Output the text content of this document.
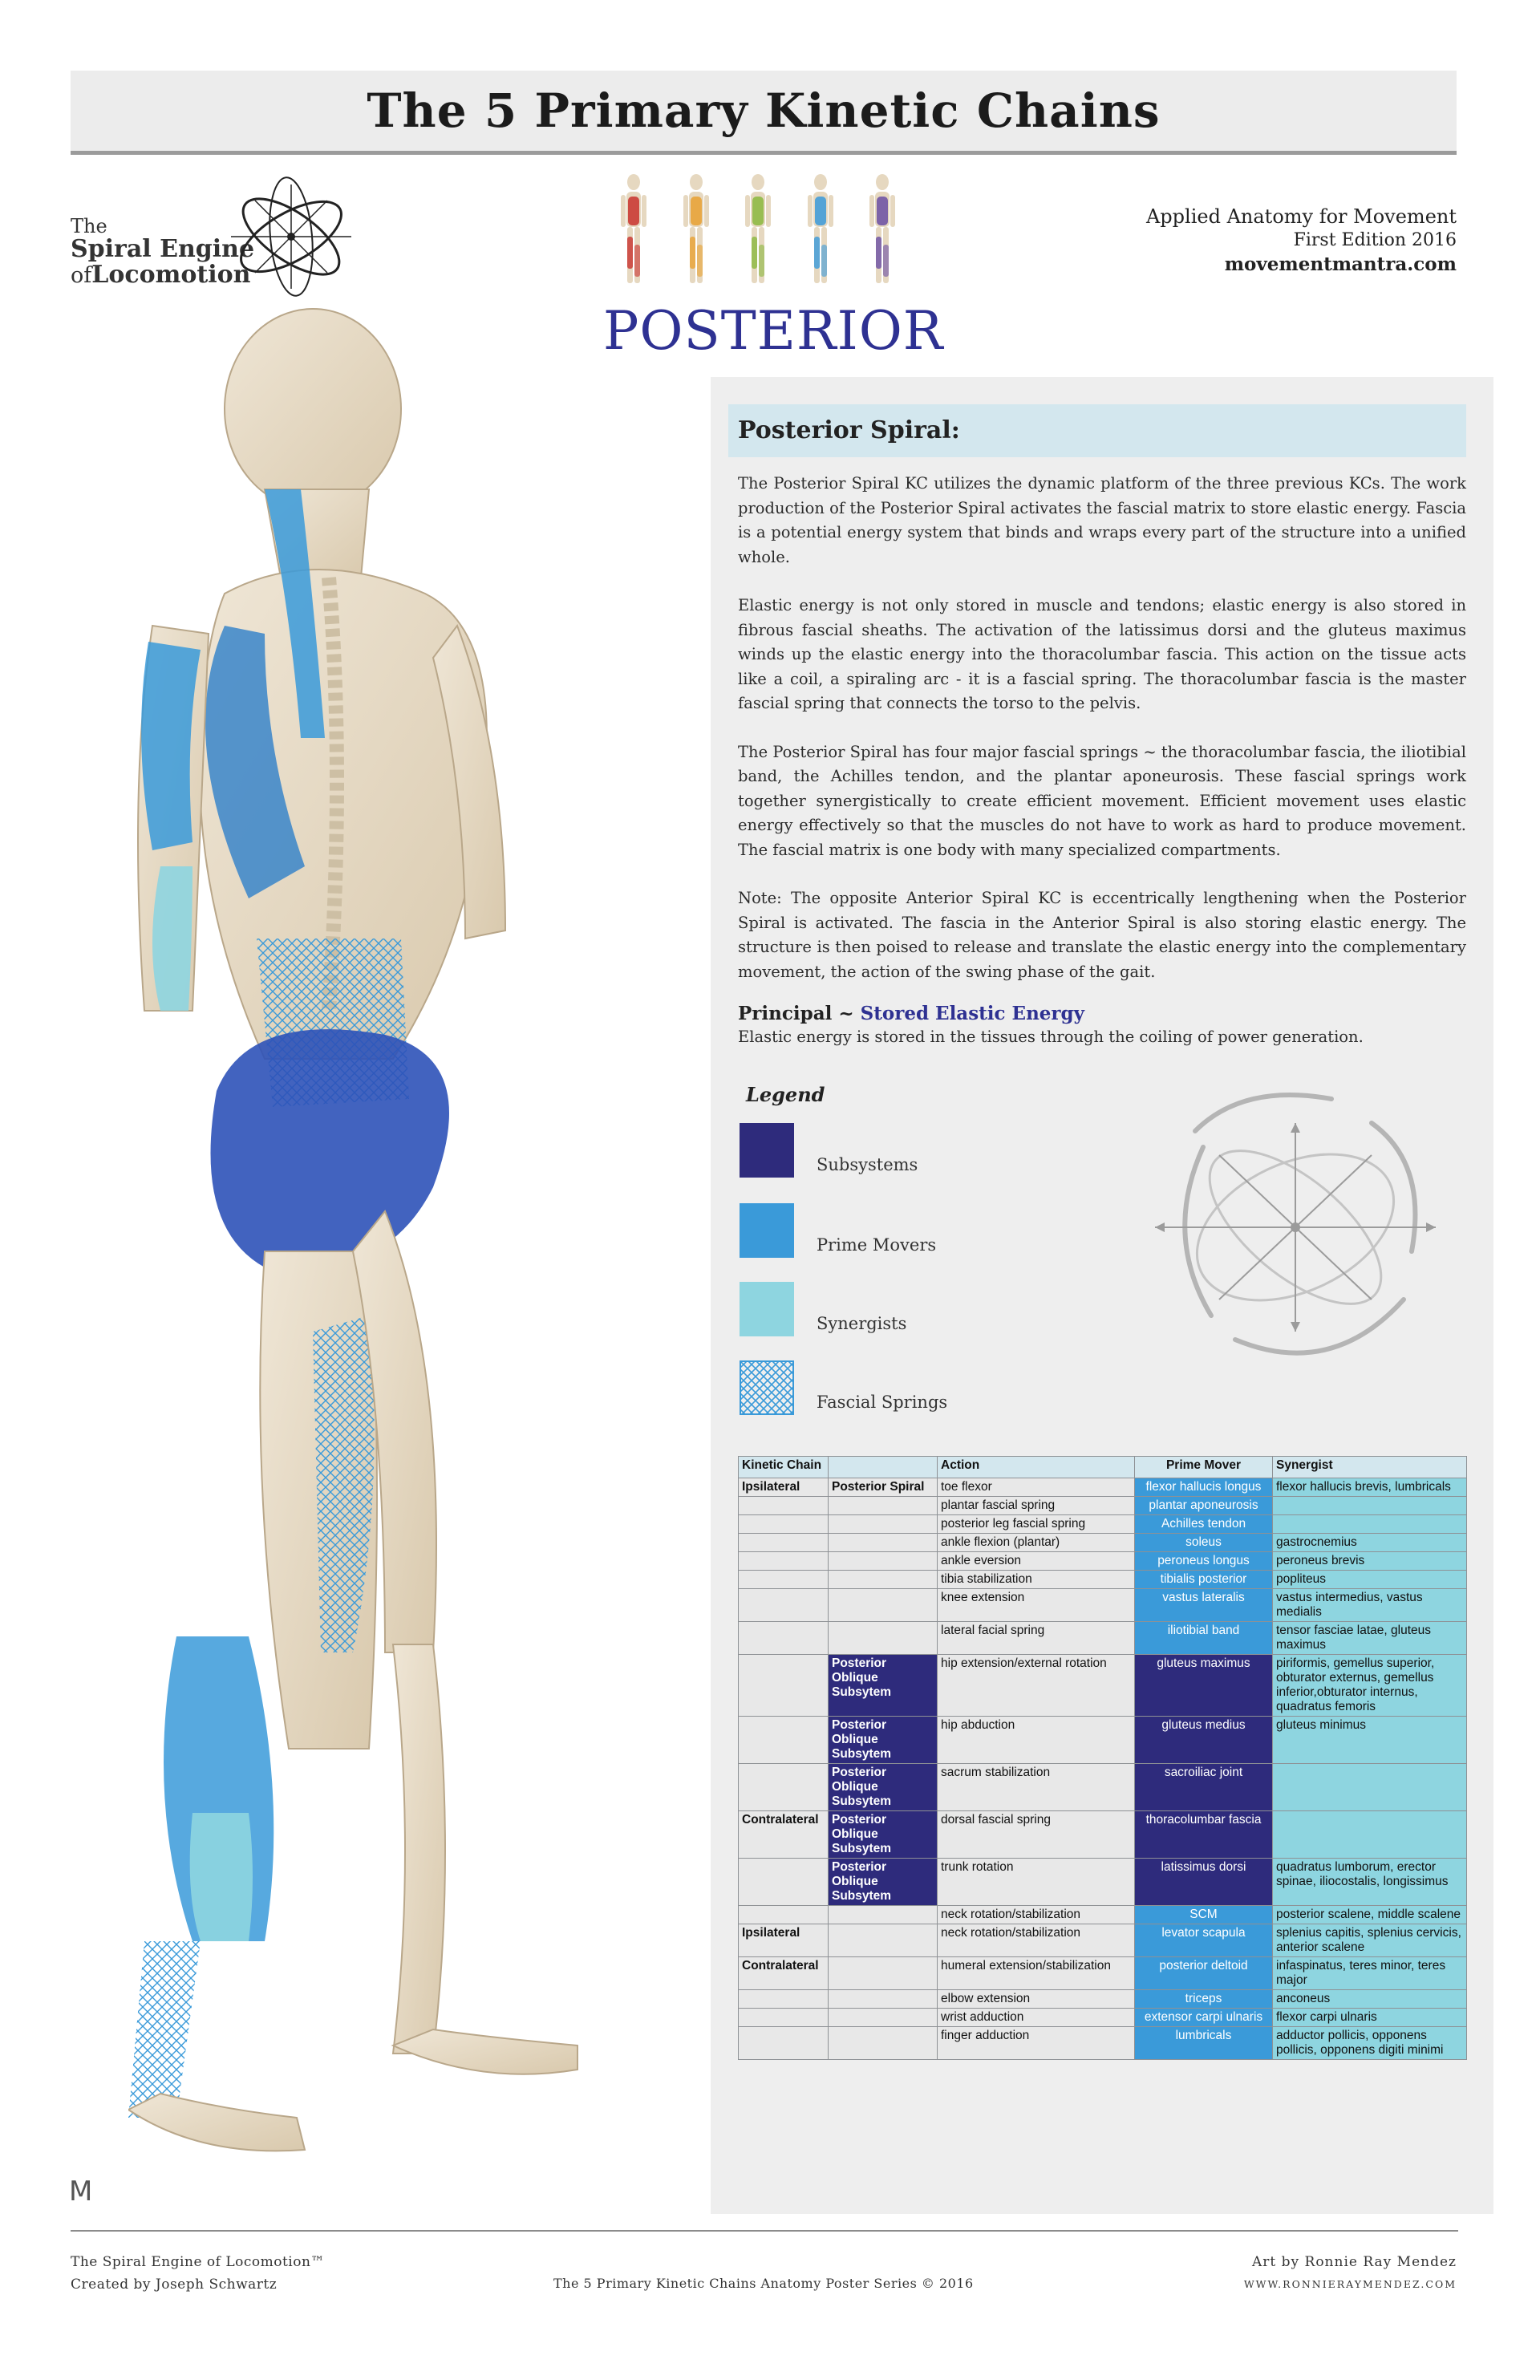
The 5 Primary Kinetic Chains
The
Spiral Engine
ofLocomotion
Applied Anatomy for Movement
First Edition 2016
movementmantra.com
POSTERIOR
Posterior Spiral:

The Posterior Spiral KC utilizes the dynamic platform of the three previous KCs. The work production of the Posterior Spiral activates the fascial matrix to store elastic energy. Fascia is a potential energy system that binds and wraps every part of the structure into a unified whole.

Elastic energy is not only stored in muscle and tendons; elastic energy is also stored in fibrous fascial sheaths. The activation of the latissimus dorsi and the gluteus maximus winds up the elastic energy into the thoracolumbar fascia. This action on the tissue acts like a coil, a spiraling arc - it is a fascial spring. The thoracolumbar fascia is the master fascial spring that connects the torso to the pelvis.

The Posterior Spiral has four major fascial springs ~ the thoracolumbar fascia, the iliotibial band, the Achilles tendon, and the plantar aponeurosis. These fascial springs work together synergistically to create efficient movement. Efficient movement uses elastic energy effectively so that the muscles do not have to work as hard to produce movement. The fascial matrix is one body with many specialized compartments.

Note: The opposite Anterior Spiral KC is eccentrically lengthening when the Posterior Spiral is activated. The fascia in the Anterior Spiral is also storing elastic energy. The structure is then poised to release and translate the elastic energy into the complementary movement, the action of the swing phase of the gait.

Principal ~ Stored Elastic Energy
Elastic energy is stored in the tissues through the coiling of power generation.
Legend
Subsystems
Prime Movers
Synergists
Fascial Springs
Kinetic Chain		Action	Prime Mover	Synergist
Ipsilateral	Posterior Spiral	toe flexor	flexor hallucis longus	flexor hallucis brevis, lumbricals
		plantar fascial spring	plantar aponeurosis	
		posterior leg fascial spring	Achilles tendon	
		ankle flexion (plantar)	soleus	gastrocnemius
		ankle eversion	peroneus longus	peroneus brevis
		tibia stabilization	tibialis posterior	popliteus
		knee extension	vastus lateralis	vastus intermedius, vastus medialis
		lateral facial spring	iliotibial band	tensor fasciae latae, gluteus maximus
	Posterior Oblique Subsytem	hip extension/external rotation	gluteus maximus	piriformis, gemellus superior, obturator externus, gemellus inferior,obturator internus, quadratus femoris
	Posterior Oblique Subsytem	hip abduction	gluteus medius	gluteus minimus
	Posterior Oblique Subsytem	sacrum stabilization	sacroiliac joint	
Contralateral	Posterior Oblique Subsytem	dorsal fascial spring	thoracolumbar fascia	
	Posterior Oblique Subsytem	trunk rotation	latissimus dorsi	quadratus lumborum, erector spinae, iliocostalis, longissimus
		neck rotation/stabilization	SCM	posterior scalene, middle scalene
Ipsilateral		neck rotation/stabilization	levator scapula	splenius capitis, splenius cervicis, anterior scalene
Contralateral		humeral extension/stabilization	posterior deltoid	infaspinatus, teres minor, teres major
		elbow extension	triceps	anconeus
		wrist adduction	extensor carpi ulnaris	flexor carpi ulnaris
		finger adduction	lumbricals	adductor pollicis, opponens pollicis, opponens digiti minimi
M
The Spiral Engine of Locomotion™
Created by Joseph Schwartz	The 5 Primary Kinetic Chains Anatomy Poster Series © 2016
Art by Ronnie Ray Mendez
WWW.RONNIERAYMENDEZ.COM
